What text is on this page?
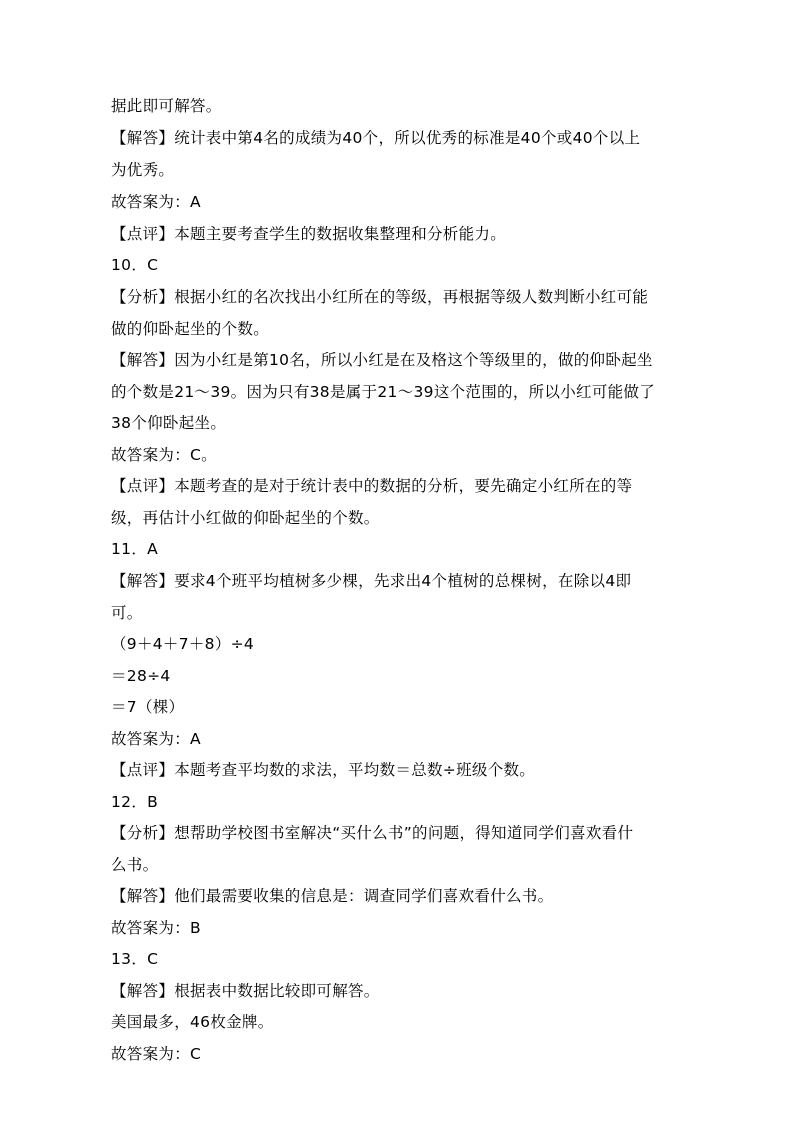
据此即可解答。
【解答】统计表中第4名的成绩为40个，所以优秀的标准是40个或40个以上
为优秀。
故答案为：A
【点评】本题主要考查学生的数据收集整理和分析能力。
10．C
【分析】根据小红的名次找出小红所在的等级，再根据等级人数判断小红可能
做的仰卧起坐的个数。
【解答】因为小红是第10名，所以小红是在及格这个等级里的，做的仰卧起坐
的个数是21～39。因为只有38是属于21～39这个范围的，所以小红可能做了
38个仰卧起坐。
故答案为：C。
【点评】本题考查的是对于统计表中的数据的分析，要先确定小红所在的等
级，再估计小红做的仰卧起坐的个数。
11．A
【解答】要求4个班平均植树多少棵，先求出4个植树的总棵树，在除以4即
可。
（9＋4＋7＋8）÷4
＝28÷4
＝7（棵）
故答案为：A
【点评】本题考查平均数的求法，平均数＝总数÷班级个数。
12．B
【分析】想帮助学校图书室解决“买什么书”的问题，得知道同学们喜欢看什
么书。
【解答】他们最需要收集的信息是：调查同学们喜欢看什么书。
故答案为：B
13．C
【解答】根据表中数据比较即可解答。
美国最多，46枚金牌。
故答案为：C
